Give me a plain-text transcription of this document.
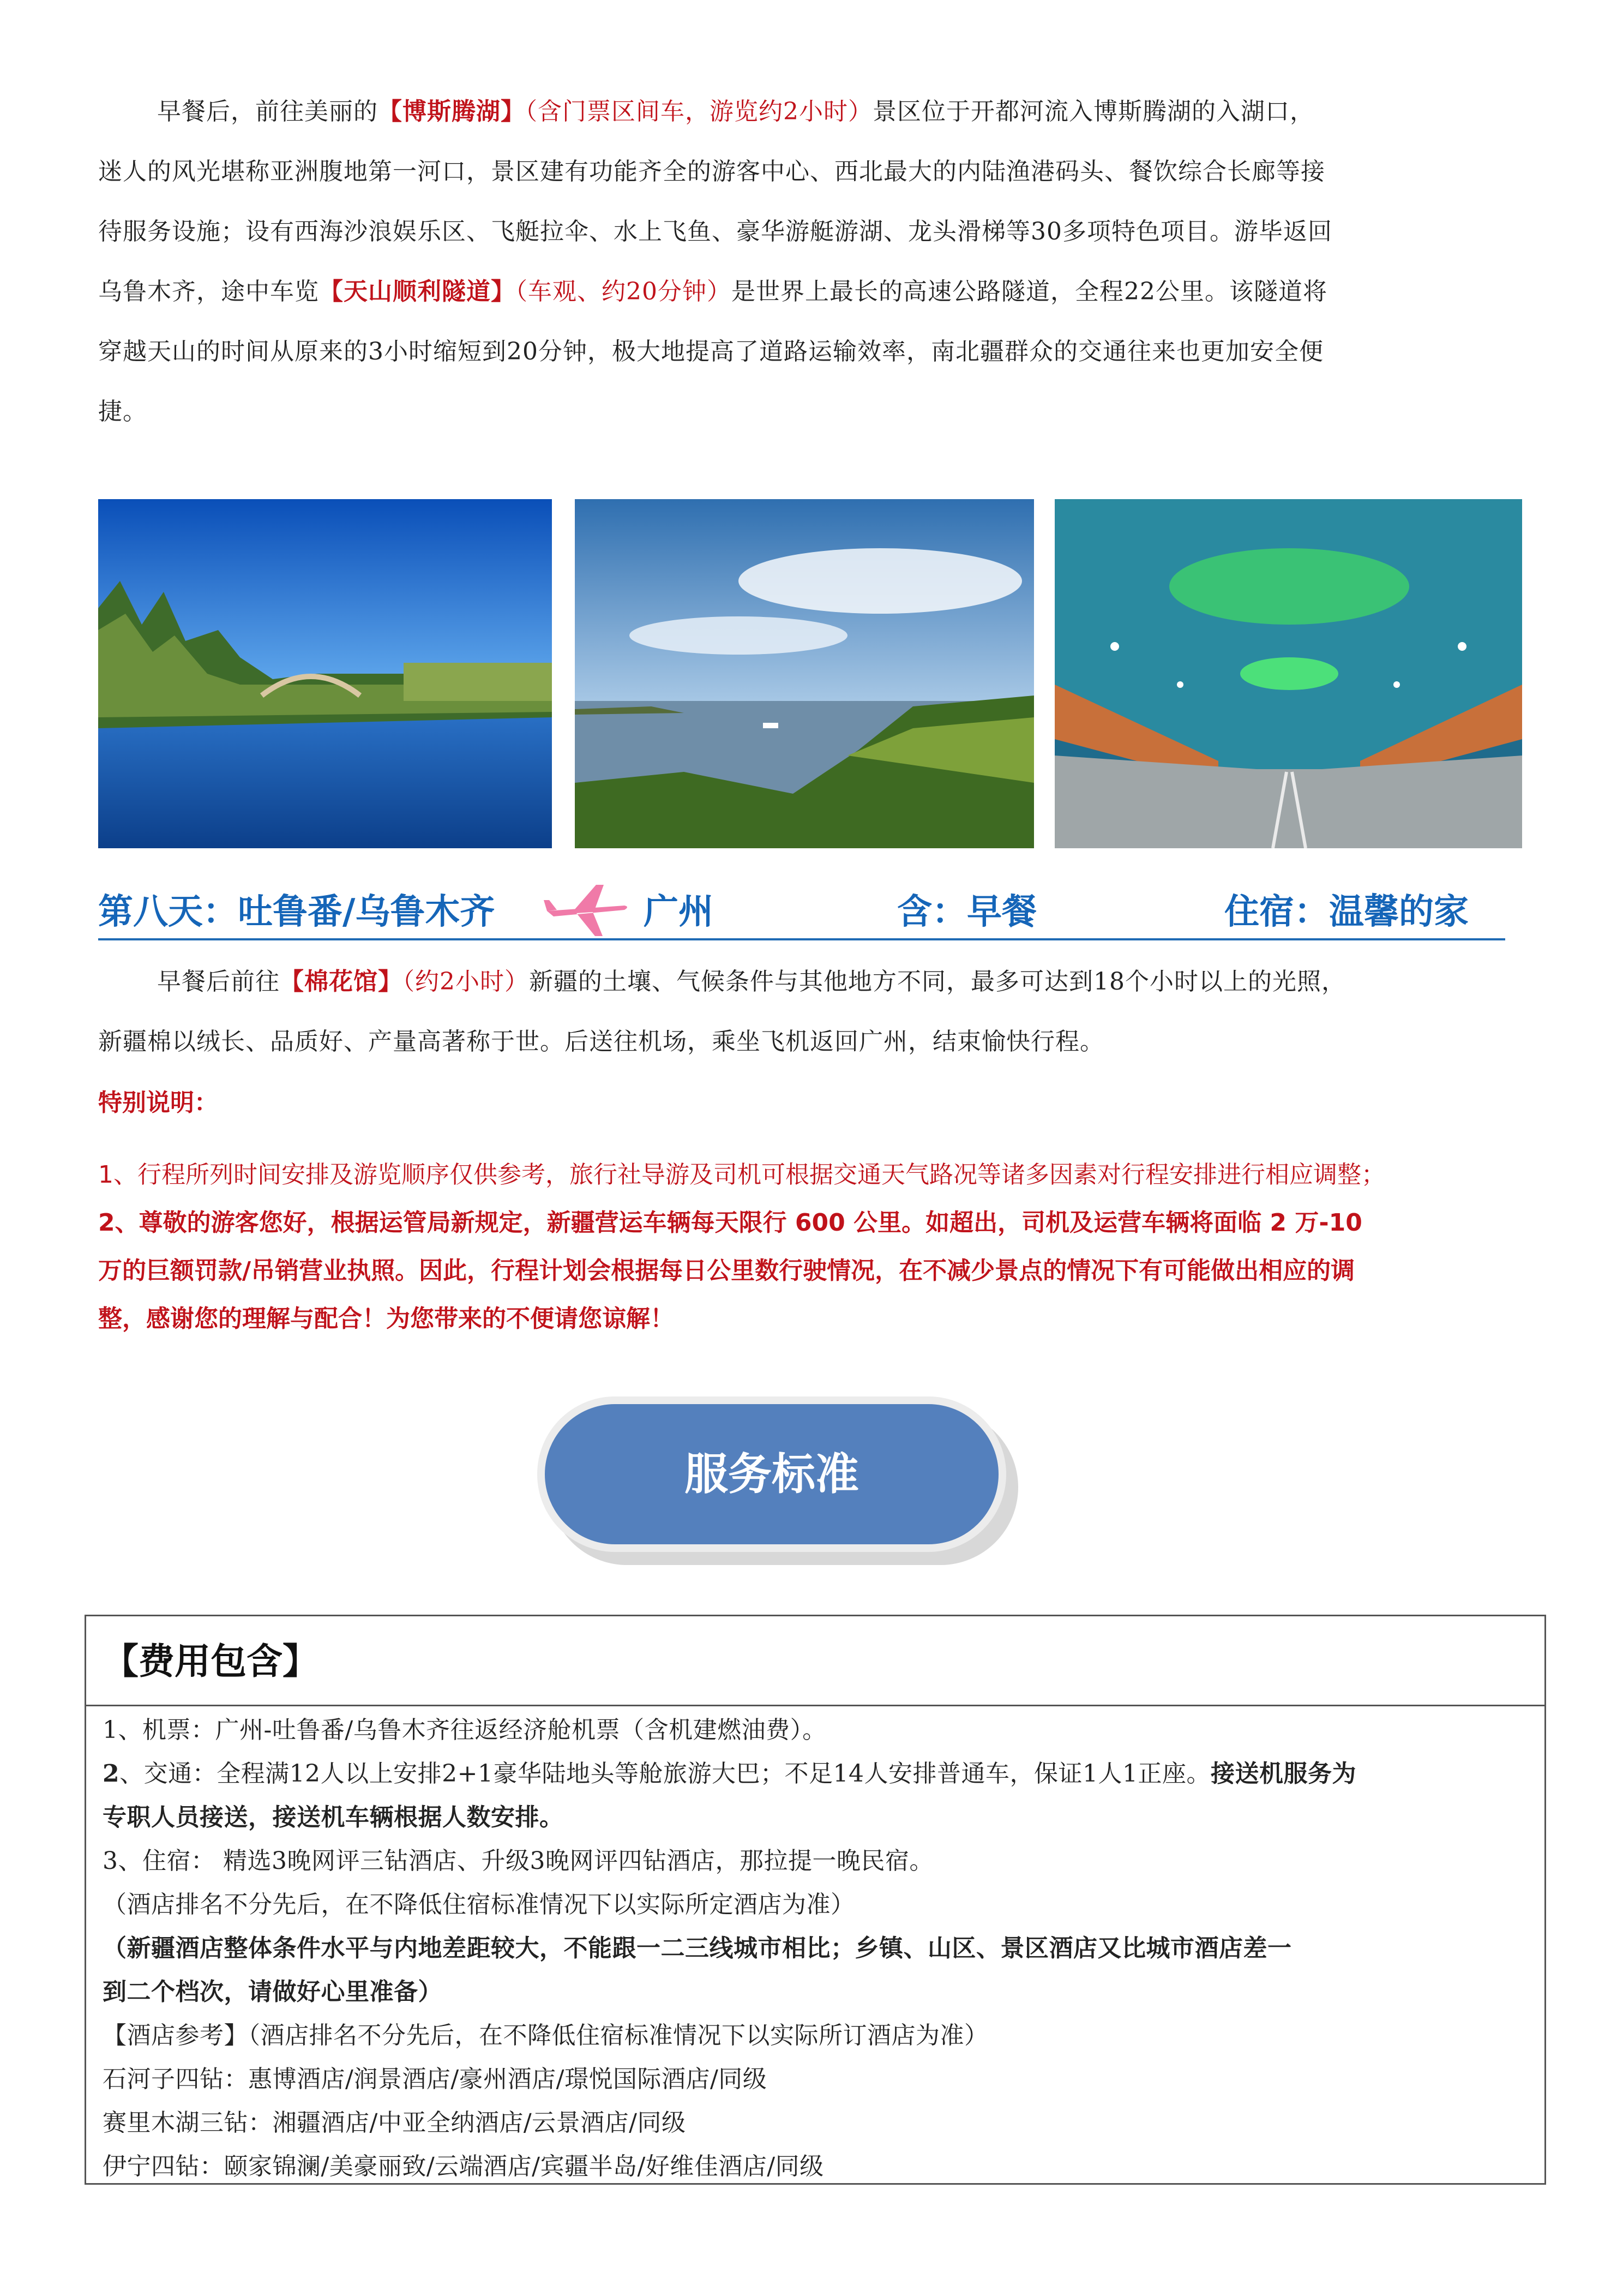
早餐后，前往美丽的【博斯腾湖】（含门票区间车，游览约2小时）景区位于开都河流入博斯腾湖的入湖口，

迷人的风光堪称亚洲腹地第一河口，景区建有功能齐全的游客中心、西北最大的内陆渔港码头、餐饮综合长廊等接
待服务设施；设有西海沙浪娱乐区、飞艇拉伞、水上飞鱼、豪华游艇游湖、龙头滑梯等30多项特色项目。游毕返回
乌鲁木齐，途中车览【天山顺利隧道】（车观、约20分钟）是世界上最长的高速公路隧道，全程22公里。该隧道将
穿越天山的时间从原来的3小时缩短到20分钟，极大地提高了道路运输效率，南北疆群众的交通往来也更加安全便
捷。
第八天：吐鲁番/乌鲁木齐	广州	含：早餐	住宿：温馨的家

早餐后前往【棉花馆】（约2小时）新疆的土壤、气候条件与其他地方不同，最多可达到18个小时以上的光照，

新疆棉以绒长、品质好、产量高著称于世。后送往机场，乘坐飞机返回广州，结束愉快行程。
特别说明：
1、行程所列时间安排及游览顺序仅供参考，旅行社导游及司机可根据交通天气路况等诸多因素对行程安排进行相应调整；
2、尊敬的游客您好，根据运管局新规定，新疆营运车辆每天限行 600 公里。如超出，司机及运营车辆将面临 2 万-10
万的巨额罚款/吊销营业执照。因此，行程计划会根据每日公里数行驶情况，在不减少景点的情况下有可能做出相应的调
整，感谢您的理解与配合！为您带来的不便请您谅解！
服务标准
【费用包含】
1、机票：广州-吐鲁番/乌鲁木齐往返经济舱机票（含机建燃油费）。
2、交通：全程满12人以上安排2+1豪华陆地头等舱旅游大巴；不足14人安排普通车，保证1人1正座。接送机服务为
专职人员接送，接送机车辆根据人数安排。
3、住宿： 精选3晚网评三钻酒店、升级3晚网评四钻酒店，那拉提一晚民宿。
（酒店排名不分先后，在不降低住宿标准情况下以实际所定酒店为准）
（新疆酒店整体条件水平与内地差距较大，不能跟一二三线城市相比；乡镇、山区、景区酒店又比城市酒店差一
到二个档次，请做好心里准备）
【酒店参考】（酒店排名不分先后，在不降低住宿标准情况下以实际所订酒店为准）
石河子四钻：惠博酒店/润景酒店/豪州酒店/璟悦国际酒店/同级
赛里木湖三钻：湘疆酒店/中亚全纳酒店/云景酒店/同级
伊宁四钻：颐家锦澜/美豪丽致/云端酒店/宾疆半岛/好维佳酒店/同级
